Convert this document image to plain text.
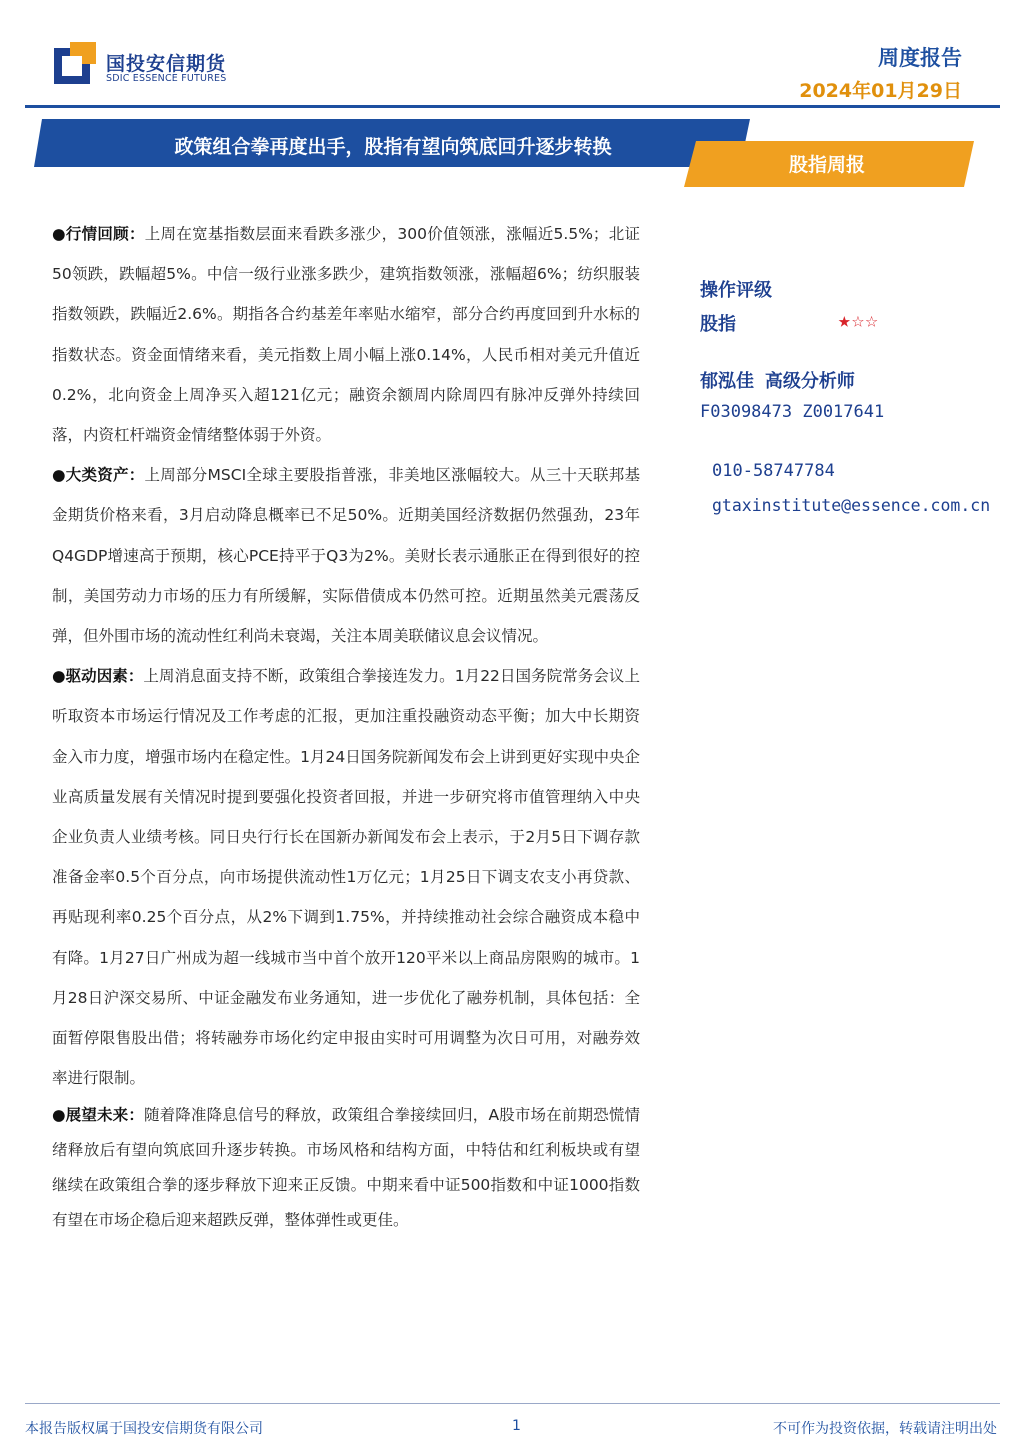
国投安信期货
SDIC ESSENCE FUTURES
周度报告
2024年01月29日
政策组合拳再度出手，股指有望向筑底回升逐步转换
股指周报

●行情回顾：上周在宽基指数层面来看跌多涨少，300价值领涨，涨幅近5.5%；北证50领跌，跌幅超5%。中信一级行业涨多跌少，建筑指数领涨，涨幅超6%；纺织服装指数领跌，跌幅近2.6%。期指各合约基差年率贴水缩窄，部分合约再度回到升水标的指数状态。资金面情绪来看，美元指数上周小幅上涨0.14%，人民币相对美元升值近0.2%，北向资金上周净买入超121亿元；融资余额周内除周四有脉冲反弹外持续回落，内资杠杆端资金情绪整体弱于外资。

●大类资产：上周部分MSCI全球主要股指普涨，非美地区涨幅较大。从三十天联邦基金期货价格来看，3月启动降息概率已不足50%。近期美国经济数据仍然强劲，23年Q4GDP增速高于预期，核心PCE持平于Q3为2%。美财长表示通胀正在得到很好的控制，美国劳动力市场的压力有所缓解，实际借债成本仍然可控。近期虽然美元震荡反弹，但外围市场的流动性红利尚未衰竭，关注本周美联储议息会议情况。

●驱动因素：上周消息面支持不断，政策组合拳接连发力。1月22日国务院常务会议上听取资本市场运行情况及工作考虑的汇报，更加注重投融资动态平衡；加大中长期资金入市力度，增强市场内在稳定性。1月24日国务院新闻发布会上讲到更好实现中央企业高质量发展有关情况时提到要强化投资者回报，并进一步研究将市值管理纳入中央企业负责人业绩考核。同日央行行长在国新办新闻发布会上表示，于2月5日下调存款准备金率0.5个百分点，向市场提供流动性1万亿元；1月25日下调支农支小再贷款、再贴现利率0.25个百分点，从2%下调到1.75%，并持续推动社会综合融资成本稳中有降。1月27日广州成为超一线城市当中首个放开120平米以上商品房限购的城市。1月28日沪深交易所、中证金融发布业务通知，进一步优化了融券机制，具体包括：全面暂停限售股出借；将转融券市场化约定申报由实时可用调整为次日可用，对融券效率进行限制。

●展望未来：随着降准降息信号的释放，政策组合拳接续回归，A股市场在前期恐慌情绪释放后有望向筑底回升逐步转换。市场风格和结构方面，中特估和红利板块或有望继续在政策组合拳的逐步释放下迎来正反馈。中期来看中证500指数和中证1000指数有望在市场企稳后迎来超跌反弹，整体弹性或更佳。

操作评级
股指	★☆☆
郁泓佳 高级分析师
F03098473 Z0017641
010-58747784
gtaxinstitute@essence.com.cn
本报告版权属于国投安信期货有限公司	1	不可作为投资依据，转载请注明出处
